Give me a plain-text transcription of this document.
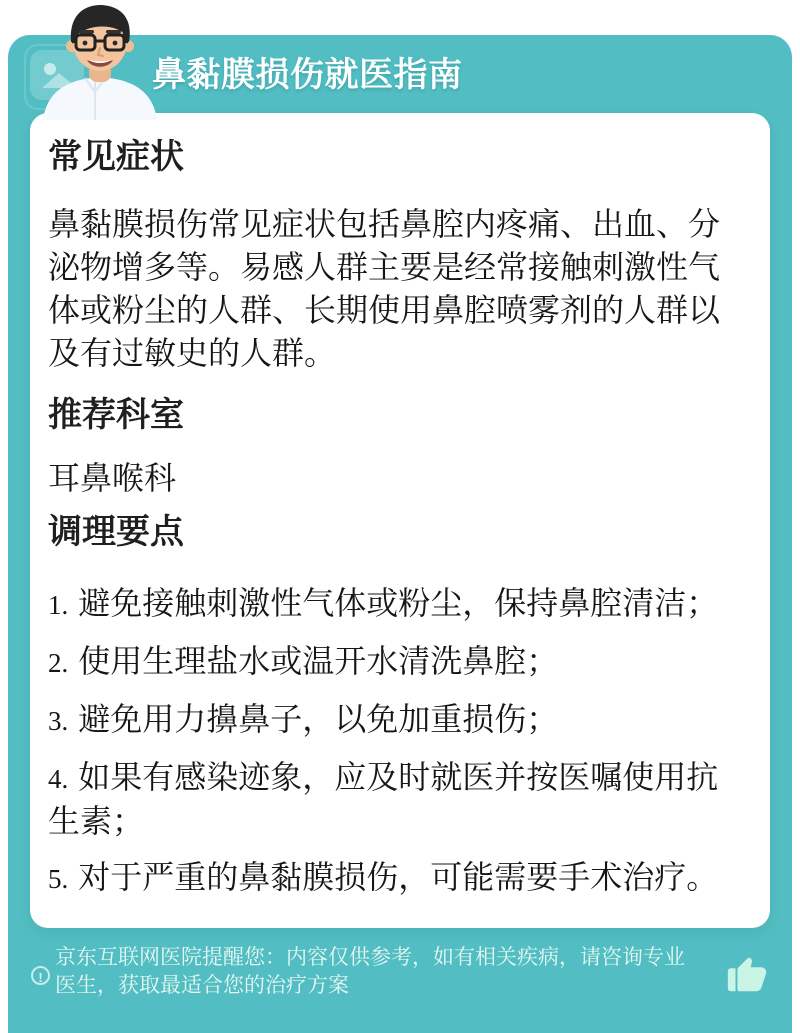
鼻黏膜损伤就医指南
常见症状

鼻黏膜损伤常见症状包括鼻腔内疼痛、出血、分泌物增多等。易感人群主要是经常接触刺激性气体或粉尘的人群、长期使用鼻腔喷雾剂的人群以及有过敏史的人群。

推荐科室

耳鼻喉科

调理要点
1. 避免接触刺激性气体或粉尘，保持鼻腔清洁；
2. 使用生理盐水或温开水清洗鼻腔；
3. 避免用力擤鼻子，以免加重损伤；
4. 如果有感染迹象，应及时就医并按医嘱使用抗生素；
5. 对于严重的鼻黏膜损伤，可能需要手术治疗。
!
京东互联网医院提醒您：内容仅供参考，如有相关疾病，请咨询专业医生，获取最适合您的治疗方案
